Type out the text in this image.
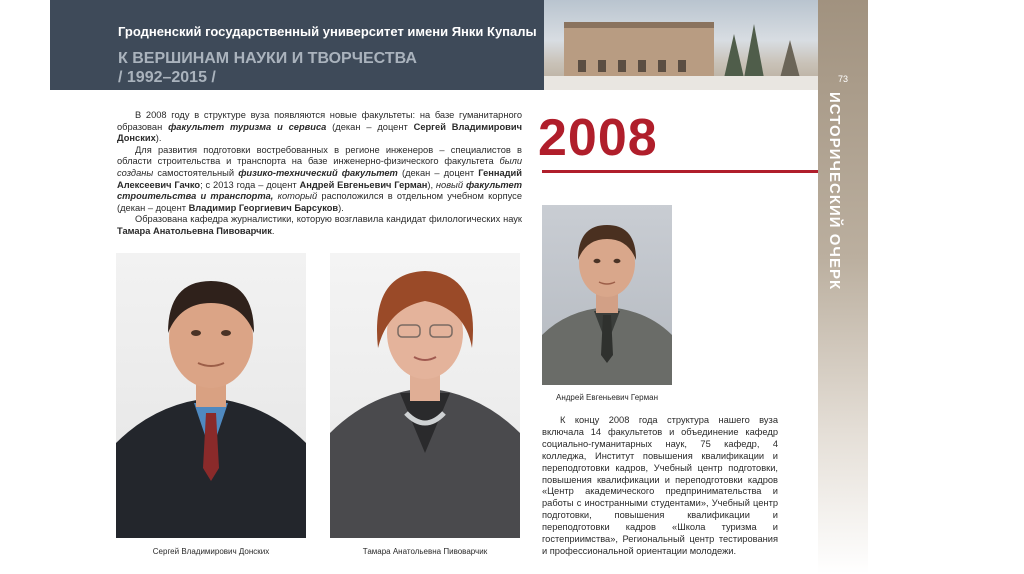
Гродненский государственный университет имени Янки Купалы
К ВЕРШИНАМ НАУКИ И ТВОРЧЕСТВА
/ 1992–2015 /	73
ИСТОРИЧЕСКИЙ ОЧЕРК

В 2008 году в структуре вуза появляются новые факультеты: на базе гуманитарного образован факультет туризма и сервиса (декан – доцент Сергей Владимирович Донских).

Для развития подготовки востребованных в регионе инженеров – специалистов в области строительства и транспорта на базе инженерно-физического факультета были созданы самостоятельный физико-технический факультет (декан – доцент Геннадий Алексеевич Гачко; с 2013 года – доцент Андрей Евгеньевич Герман), новый факультет строительства и транспорта, который расположился в отдельном учебном корпусе (декан – доцент Владимир Георгиевич Барсуков).

Образована кафедра журналистики, которую возглавила кандидат филологических наук Тамара Анатольевна Пивоварчик.

2008
Сергей Владимирович Донских	Тамара Анатольевна Пивоварчик
Андрей Евгеньевич Герман

К концу 2008 года структура нашего вуза включала 14 факультетов и объединение кафедр социально-гуманитарных наук, 75 кафедр, 4 колледжа, Институт повышения квалификации и переподготовки кадров, Учебный центр подготовки, повышения квалификации и переподготовки кадров «Центр академического предпринимательства и работы с иностранными студентами», Учебный центр подготовки, повышения квалификации и переподготовки кадров «Школа туризма и гостеприимства», Региональный центр тестирования и профессиональной ориентации молодежи.
